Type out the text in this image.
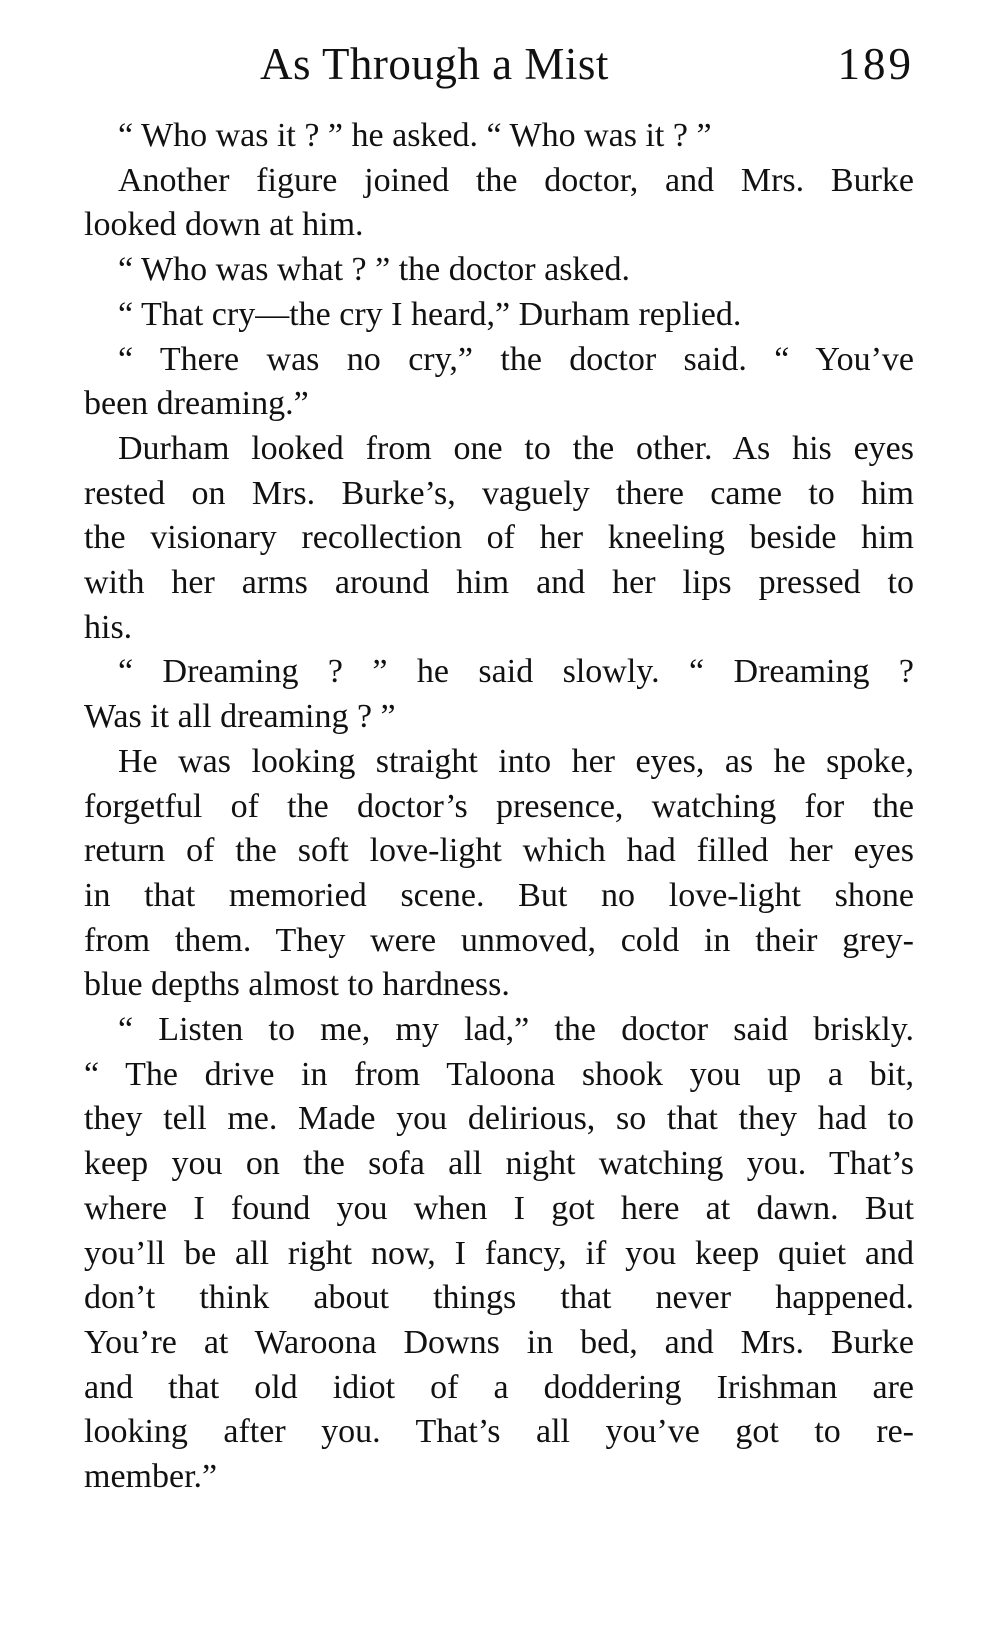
As Through a Mist	189
“ Who was it ? ” he asked. “ Who was it ? ”
Another figure joined the doctor, and Mrs. Burke
looked down at him.
“ Who was what ? ” the doctor asked.
“ That cry—the cry I heard,” Durham replied.
“ There was no cry,” the doctor said. “ You’ve
been dreaming.”
Durham looked from one to the other. As his eyes
rested on Mrs. Burke’s, vaguely there came to him
the visionary recollection of her kneeling beside him
with her arms around him and her lips pressed to
his.
“ Dreaming ? ” he said slowly. “ Dreaming ?
Was it all dreaming ? ”
He was looking straight into her eyes, as he spoke,
forgetful of the doctor’s presence, watching for the
return of the soft love-light which had filled her eyes
in that memoried scene. But no love-light shone
from them. They were unmoved, cold in their grey-
blue depths almost to hardness.
“ Listen to me, my lad,” the doctor said briskly.
“ The drive in from Taloona shook you up a bit,
they tell me. Made you delirious, so that they had to
keep you on the sofa all night watching you. That’s
where I found you when I got here at dawn. But
you’ll be all right now, I fancy, if you keep quiet and
don’t think about things that never happened.
You’re at Waroona Downs in bed, and Mrs. Burke
and that old idiot of a doddering Irishman are
looking after you. That’s all you’ve got to re-
member.”
